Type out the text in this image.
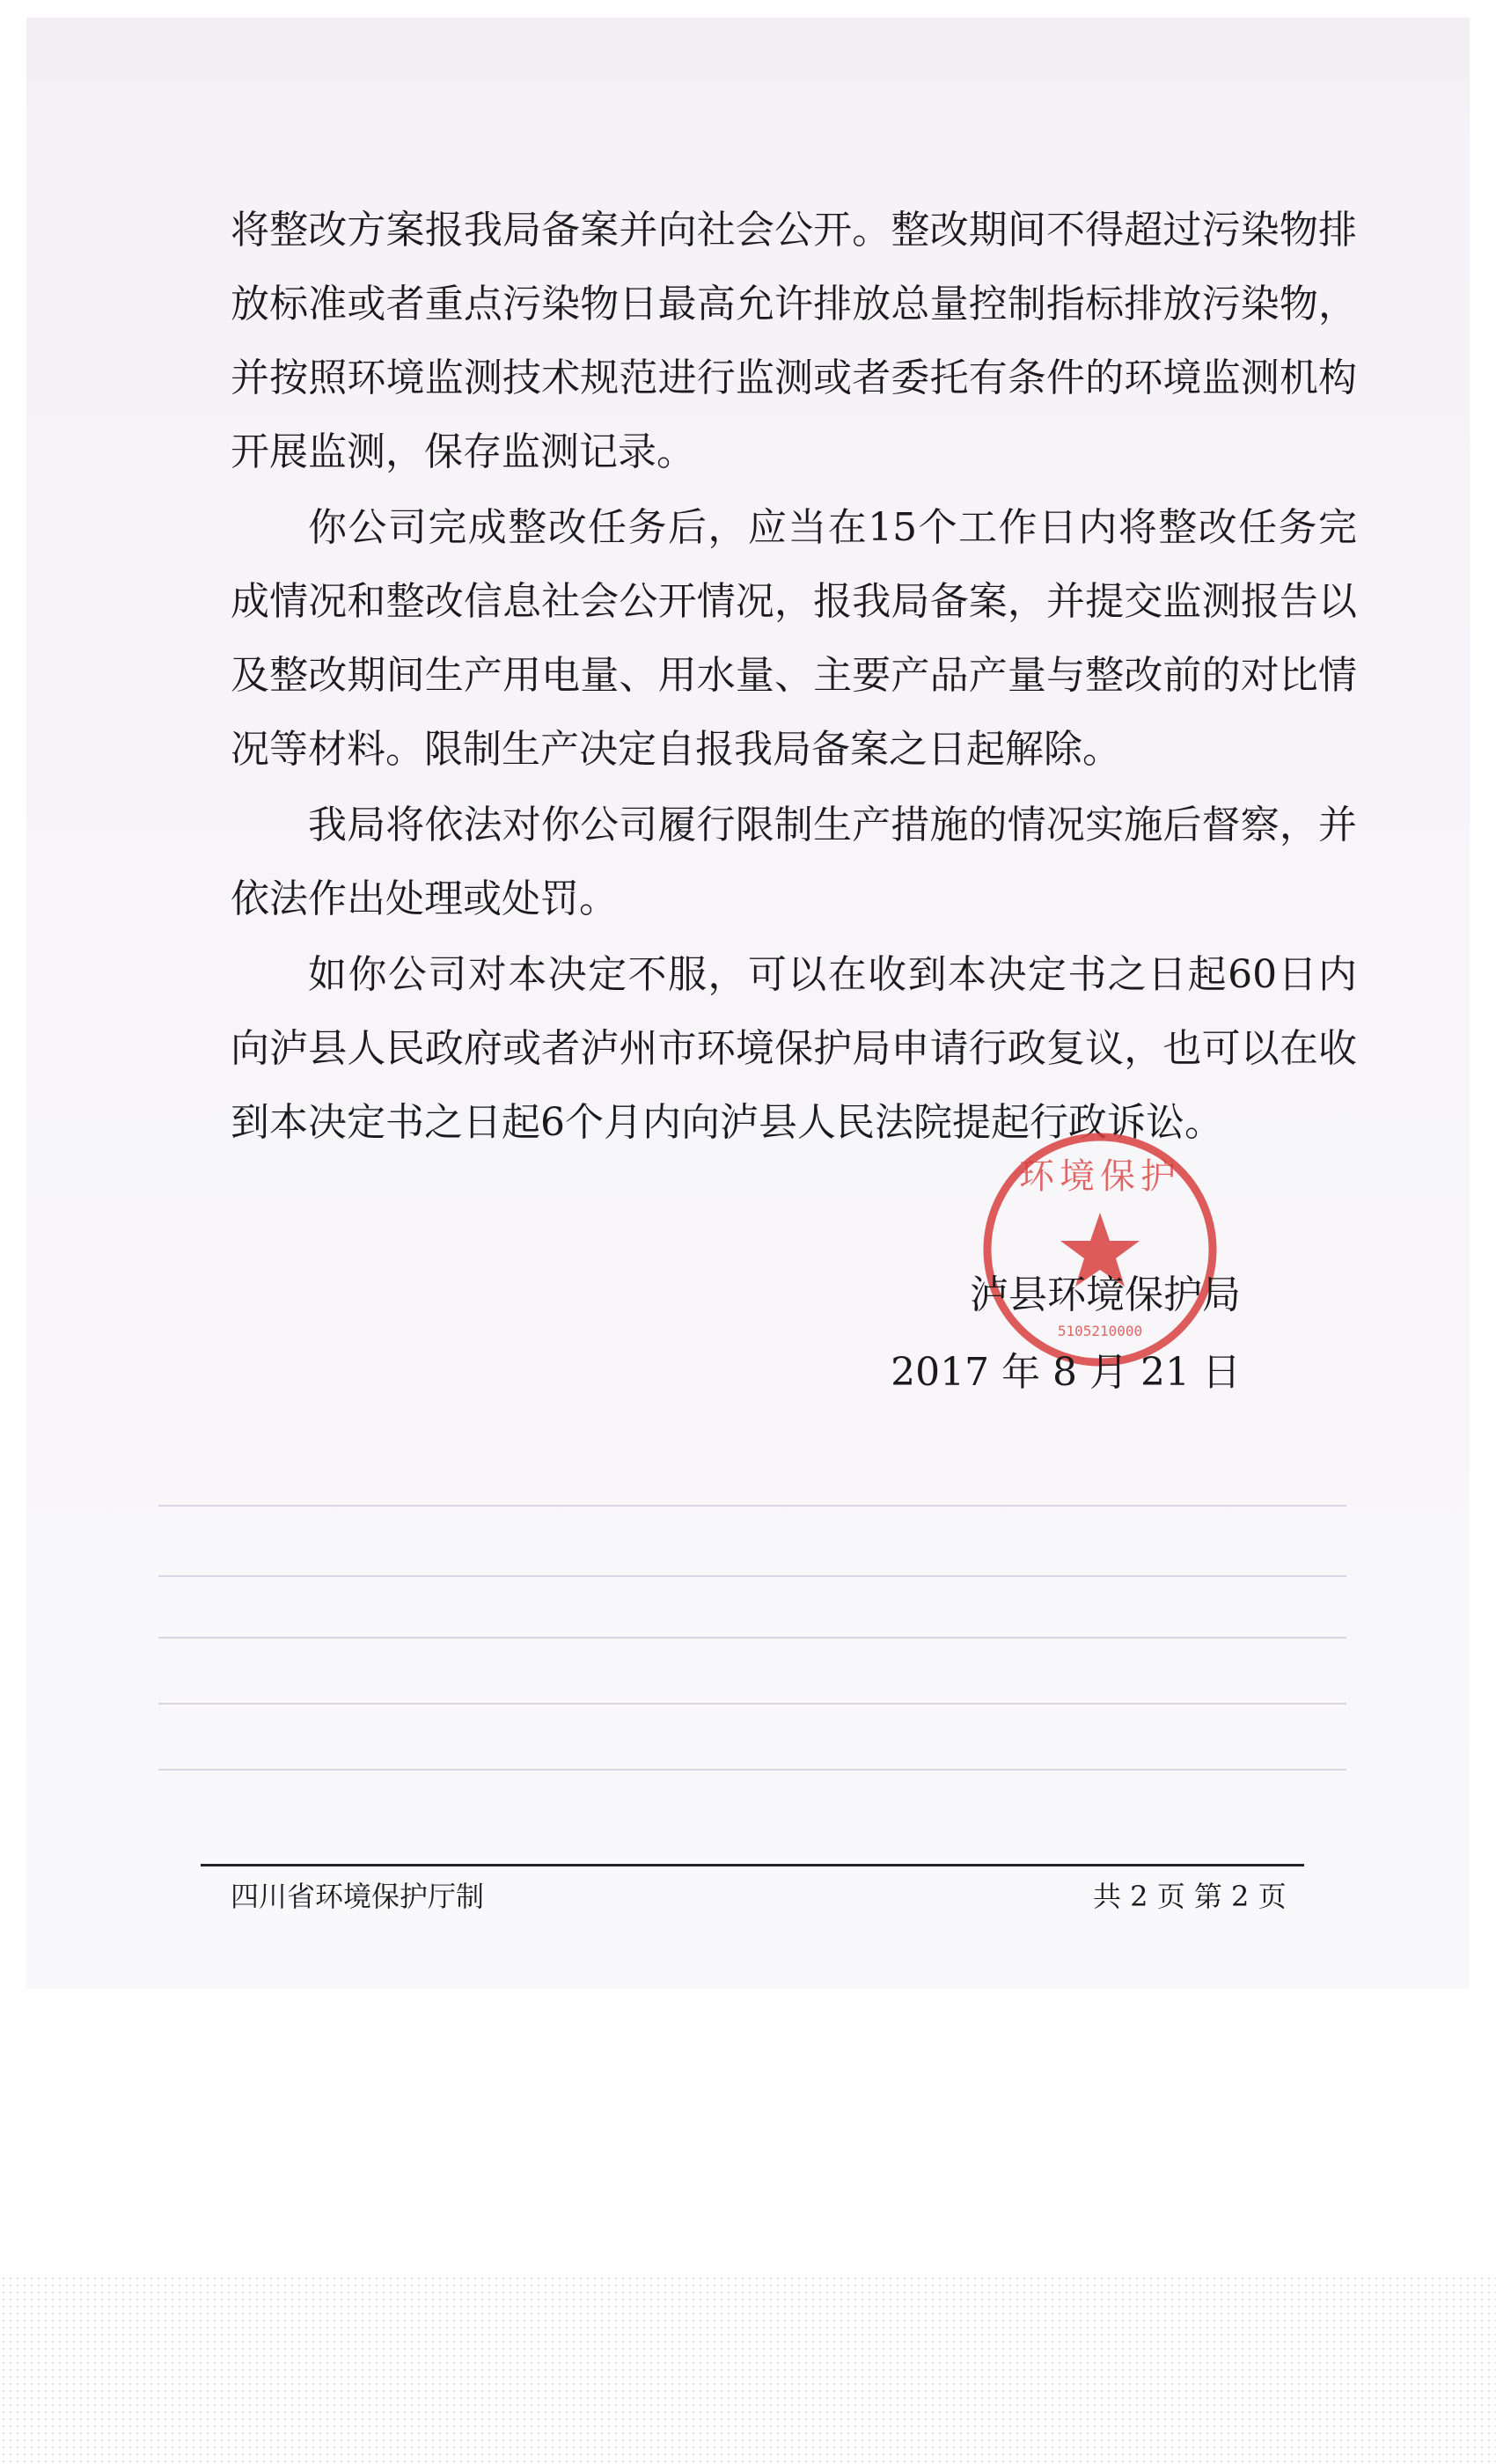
将整改方案报我局备案并向社会公开。整改期间不得超过污染物排放标准或者重点污染物日最高允许排放总量控制指标排放污染物，并按照环境监测技术规范进行监测或者委托有条件的环境监测机构开展监测，保存监测记录。

你公司完成整改任务后，应当在15个工作日内将整改任务完成情况和整改信息社会公开情况，报我局备案，并提交监测报告以及整改期间生产用电量、用水量、主要产品产量与整改前的对比情况等材料。限制生产决定自报我局备案之日起解除。

我局将依法对你公司履行限制生产措施的情况实施后督察，并依法作出处理或处罚。

如你公司对本决定不服，可以在收到本决定书之日起60日内向泸县人民政府或者泸州市环境保护局申请行政复议，也可以在收到本决定书之日起6个月内向泸县人民法院提起行政诉讼。

环境保护
5105210000
泸县环境保护局
2017 年 8 月 21 日
四川省环境保护厅制	共 2 页 第 2 页
